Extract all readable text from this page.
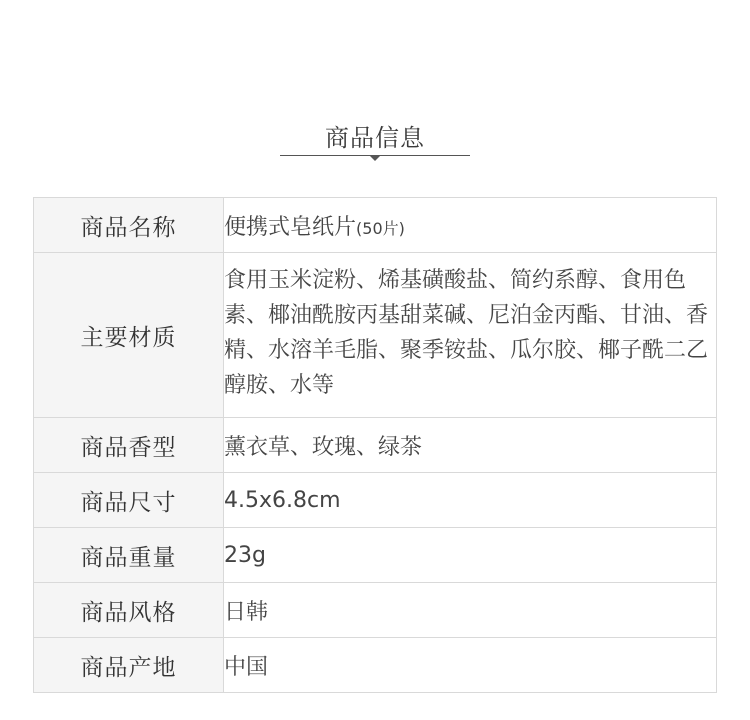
商品信息
商品名称	便携式皂纸片(50片)
主要材质	食用玉米淀粉、烯基磺酸盐、简约系醇、食用色素、椰油酰胺丙基甜菜碱、尼泊金丙酯、甘油、香精、水溶羊毛脂、聚季铵盐、瓜尔胶、椰子酰二乙醇胺、水等
商品香型	薰衣草、玫瑰、绿茶
商品尺寸	4.5x6.8cm
商品重量	23g
商品风格	日韩
商品产地	中国
